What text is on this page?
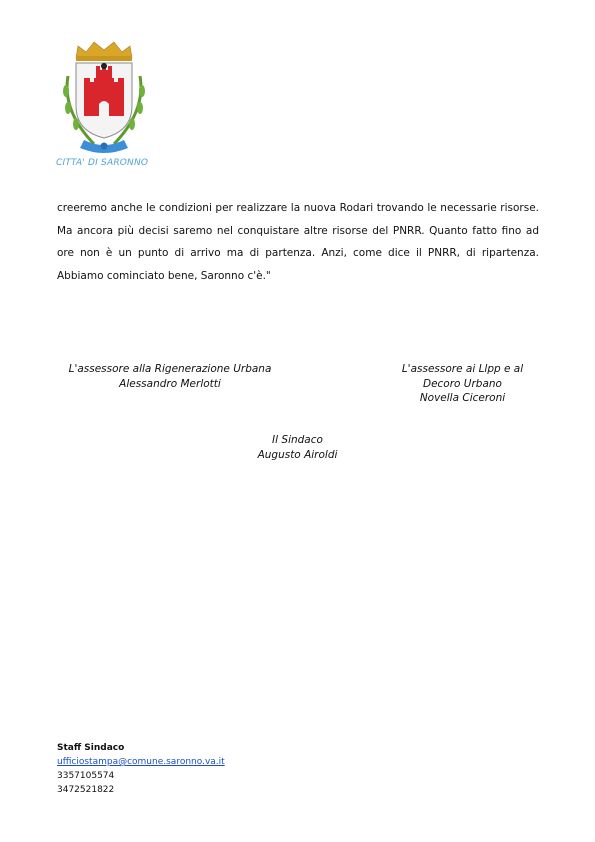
CITTA' DI SARONNO

creeremo anche le condizioni per realizzare la nuova Rodari trovando le necessarie risorse. Ma ancora più decisi saremo nel conquistare altre risorse del PNRR. Quanto fatto fino ad ore non è un punto di arrivo ma di partenza. Anzi, come dice il PNRR, di ripartenza. Abbiamo cominciato bene, Saronno c'è."

L'assessore alla Rigenerazione Urbana
Alessandro Merlotti
L'assessore ai Llpp e al
Decoro Urbano
Novella Ciceroni
Il Sindaco
Augusto Airoldi
Staff Sindaco
ufficiostampa@comune.saronno.va.it
3357105574
3472521822
